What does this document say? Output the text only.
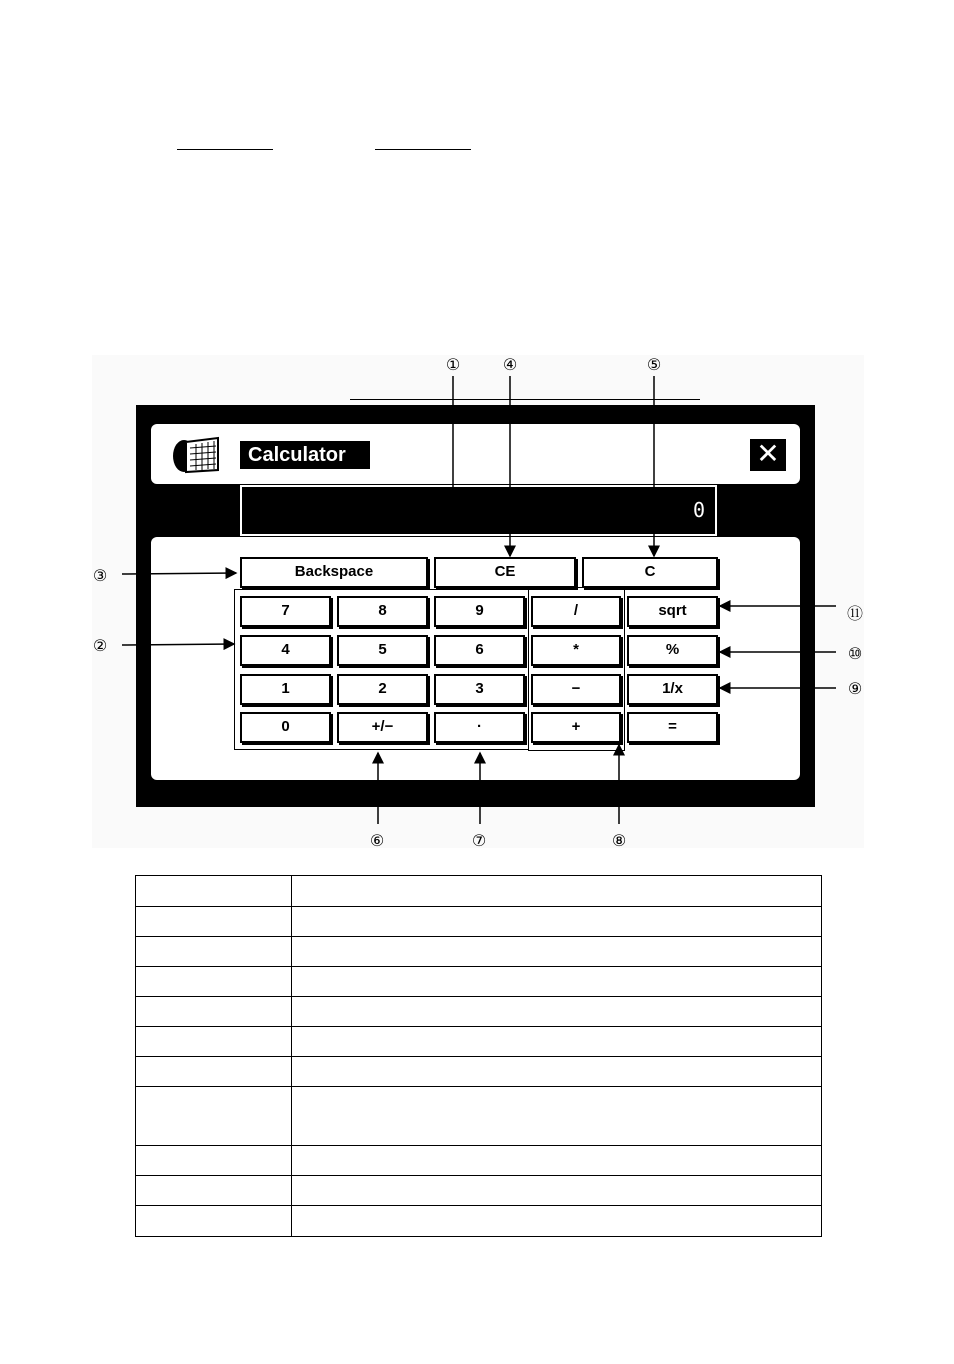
Calculator	✕
0
Backspace	CE	C
7	8	9	/	sqrt
4	5	6	*	%
1	2	3	−	1/x
0	+/−	·	+	=
①	④	⑤
③
②
⑪
⑩
⑨
⑥	⑦	⑧
